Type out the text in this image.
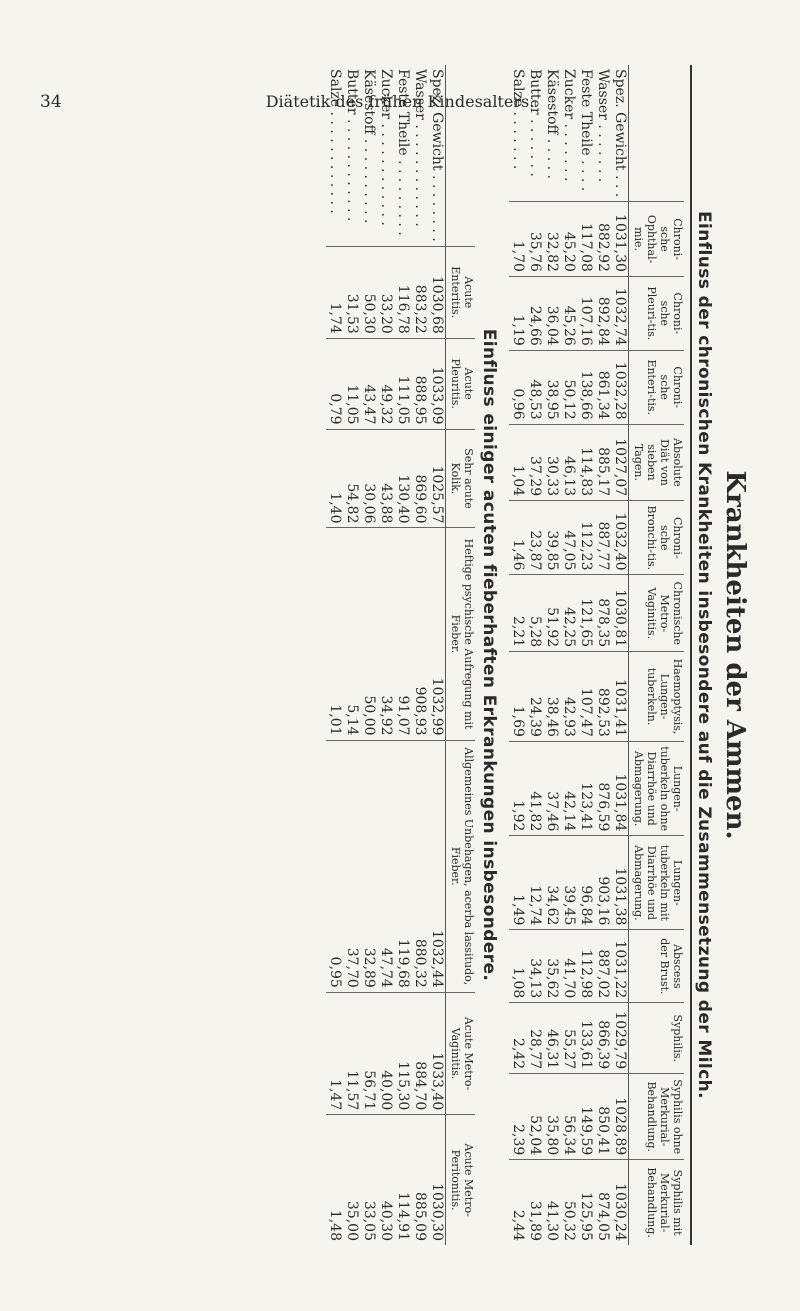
34	Diätetik des frühen Kindesalters.
Krankheiten der Ammen.
Einfluss der chronischen Krankheiten insbesondere auf die Zusammensetzung der Milch.
	Chroni-sche Ophthal-mie.	Chroni-sche Pleuri-tis.	Chroni-sche Enteri-tis.	Absolute Diät von sieben Tagen.	Chroni-sche Bronchi-tis.	Chronische Metro-Vaginitis.	Haemoptysis, Lungen-tuberkeln.	Lungen-tuberkeln ohne Diarrhöe und Abmagerung.	Lungen-tuberkeln mit Diarrhöe und Abmagerung.	Abscess der Brust.	Syphilis.	Syphilis ohne Merkurial-Behandlung.	Syphilis mit Merkurial-Behandlung.
Spez. Gewicht . . .	1031,30	1032,74	1032,28	1027,07	1032,40	1030,81	1031,41	1031,84	1031,38	1031,22	1029,79	1028,89	1030,24
Wasser . . . . . . .	882,92	892,84	861,34	885,17	887,77	878,35	892,53	876,59	903,16	887,02	866,39	850,41	874,05
Feste Theile . . . .	117,08	107,16	138,66	114,83	112,23	121,65	107,47	123,41	96,84	112,98	133,61	149,59	125,95
Zucker . . . . . . .	45,20	45,26	50,12	46,13	47,05	42,25	42,93	42,14	39,45	41,70	55,27	56,34	50,32
Käsestoff . . . . .	32,82	36,04	38,95	30,33	39,85	51,92	38,46	37,46	34,62	35,62	46,31	35,80	41,30
Butter . . . . . . .	35,76	24,66	48,53	37,29	23,87	5,28	24,39	41,82	12,74	34,13	28,77	52,04	31,89
Salze . . . . . . .	1,70	1,19	0,96	1,04	1,46	2,21	1,69	1,92	1,49	1,08	2,42	2,39	2,44
Einfluss einiger acuten fieberhaften Erkrankungen insbesondere.
	Acute Enteritis.	Acute Pleuritis.	Sehr acute Kolik.	Heftige psychische Aufregung mit Fieber.	Allgemeines Unbehagen, acerba lassitudo, Fieber.	Acute Metro-Vaginitis.	Acute Metro-Peritonitis.
Spez. Gewicht . . . . . . . .	1030,68	1033,09	1025,57	1032,99	1032,44	1033,40	1030,30
Wasser . . . . . . . . . . . .	883,22	888,95	869,60	908,93	880,32	884,70	885,09
Feste Theile . . . . . . . . .	116,78	111,05	130,40	91,07	119,68	115,30	114,91
Zucker . . . . . . . . . . . .	33,20	49,32	43,88	34,92	47,74	40,00	40,30
Käsestoff . . . . . . . . . .	50,30	43,47	30,06	50,00	32,89	56,71	33,05
Butter . . . . . . . . . . . .	31,53	11,05	54,82	5,14	37,70	11,57	35,00
Salze . . . . . . . . . . . .	1,74	0,79	1,40	1,01	0,95	1,47	1,48
